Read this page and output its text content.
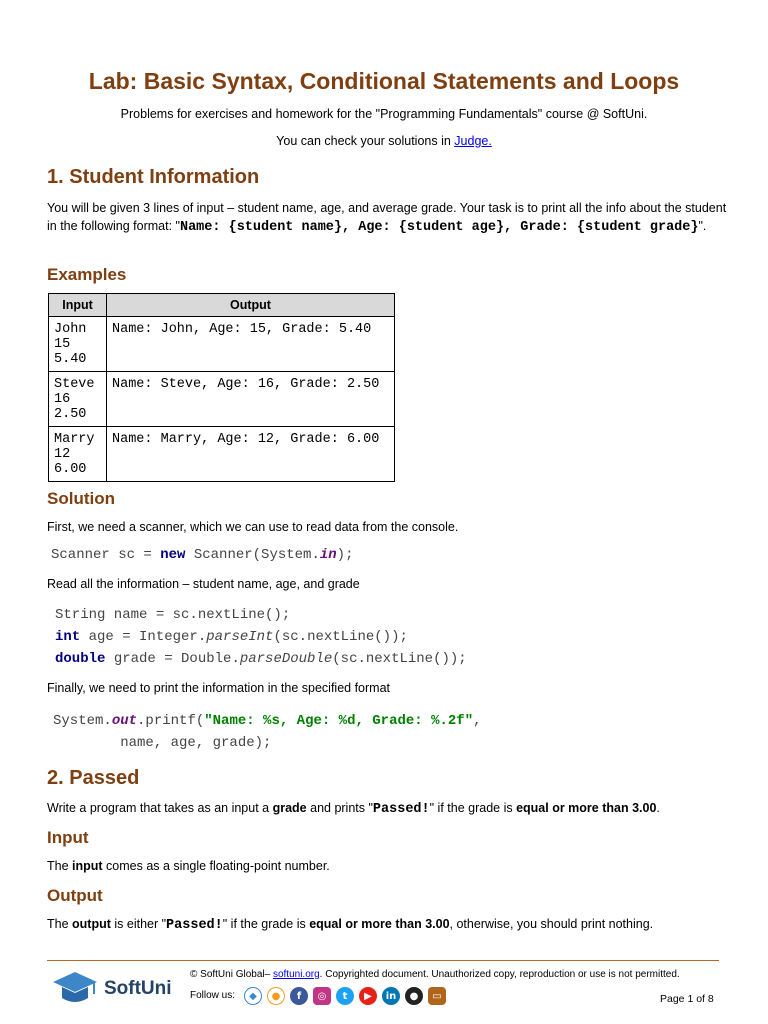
Lab: Basic Syntax, Conditional Statements and Loops
Problems for exercises and homework for the "Programming Fundamentals" course @ SoftUni.
You can check your solutions in Judge.
1. Student Information
You will be given 3 lines of input – student name, age, and average grade. Your task is to print all the info about the student in the following format: "Name: {student name}, Age: {student age}, Grade: {student grade}".
Examples
Input	Output
John
15
5.40	Name: John, Age: 15, Grade: 5.40
Steve
16
2.50	Name: Steve, Age: 16, Grade: 2.50
Marry
12
6.00	Name: Marry, Age: 12, Grade: 6.00
Solution
First, we need a scanner, which we can use to read data from the console.
Scanner sc = new Scanner(System.in);
Read all the information – student name, age, and grade
String name = sc.nextLine();
int age = Integer.parseInt(sc.nextLine());
double grade = Double.parseDouble(sc.nextLine());
Finally, we need to print the information in the specified format
System.out.printf("Name: %s, Age: %d, Grade: %.2f",
name, age, grade);
2. Passed
Write a program that takes as an input a grade and prints "Passed!" if the grade is equal or more than 3.00.
Input
The input comes as a single floating-point number.
Output
The output is either "Passed!" if the grade is equal or more than 3.00, otherwise, you should print nothing.
SoftUni
© SoftUni Global– softuni.org. Copyrighted document. Unauthorized copy, reproduction or use is not permitted.
Follow us:	◆	●	f	◎	t	▶	in	●	▭	Page 1 of 8
